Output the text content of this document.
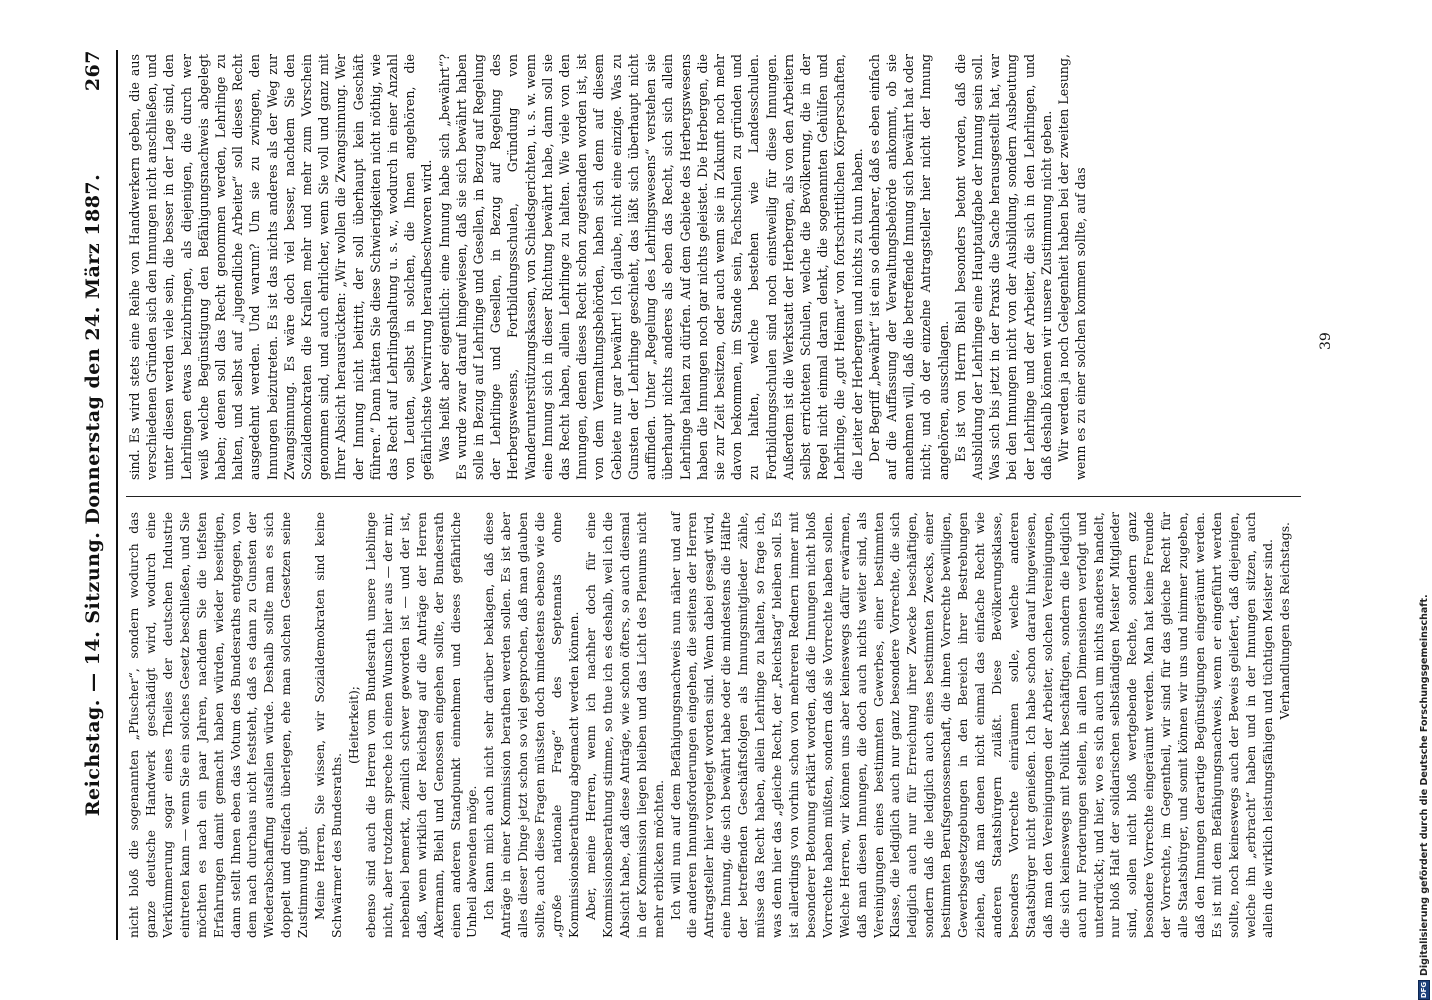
Reichstag. — 14. Sitzung. Donnerstag den 24. März 1887.
267

nicht bloß die sogenannten „Pfuscher“, sondern wodurch das ganze deutsche Handwerk geschädigt wird, wodurch eine Verkümmerung sogar eines Theiles der deutschen Industrie eintreten kann — wenn Sie ein solches Gesetz beschließen, und Sie möchten es nach ein paar Jahren, nachdem Sie die tiefsten Erfahrungen damit gemacht haben würden, wieder beseitigen, dann stellt Ihnen eben das Votum des Bundesraths entgegen, von dem nach durchaus nicht feststeht, daß es dann zu Gunsten der Wiederabschaffung ausfallen würde. Deshalb sollte man es sich doppelt und dreifach überlegen, ehe man solchen Gesetzen seine Zustimmung gibt. Meine Herren, Sie wissen, wir Sozialdemokraten sind keine Schwärmer des Bundesraths.

(Heiterkeit); ebenso sind auch die Herren vom Bundesrath unsere Lieblinge nicht, aber trotzdem spreche ich einen Wunsch hier aus — der mir, nebenbei bemerkt, ziemlich schwer geworden ist — und der ist, daß, wenn wirklich der Reichstag auf die Anträge der Herren Akermann, Biehl und Genossen eingehen sollte, der Bundesrath einen anderen Standpunkt einnehmen und dieses gefährliche Unheil abwenden möge. Ich kann mich auch nicht sehr darüber beklagen, daß diese Anträge in einer Kommission berathen werden sollen. Es ist aber alles dieser Dinge jetzt schon so viel gesprochen, daß man glauben sollte, auch diese Fragen müssten doch mindestens ebenso wie die „große nationale Frage“ des Septennats ohne Kommissionsberathung abgemacht werden können. Aber, meine Herren, wenn ich nachher doch für eine Kommissionsberathung stimme, so thue ich es deshalb, weil ich die Absicht habe, daß diese Anträge, wie schon öfters, so auch diesmal in der Kommission liegen bleiben und das Licht des Plenums nicht mehr erblicken möchten. Ich will nun auf dem Befähigungsnachweis nun näher und auf die anderen Innungsforderungen eingehen, die seitens der Herren Antragsteller hier vorgelegt worden sind. Wenn dabei gesagt wird, eine Innung, die sich bewährt habe oder die mindestens die Hälfte der betreffenden Geschäftsfolgen als Innungsmitglieder zähle, müsse das Recht haben, allein Lehrlinge zu halten, so frage ich, was denn hier das „gleiche Recht, der „Reichstag“ bleiben soll. Es ist allerdings von vorhin schon von mehreren Rednern immer mit besonderer Betonung erklärt worden, daß die Innungen nicht bloß Vorrechte haben müßten, sondern daß sie Vorrechte haben sollen. Welche Herren, wir können uns aber keineswegs dafür erwärmen, daß man diesen Innungen, die doch auch nichts weiter sind, als Vereinigungen eines bestimmten Gewerbes, einer bestimmten Klasse, die lediglich auch nur ganz besondere Vorrechte, die sich lediglich auch nur für Erreichung ihrer Zwecke beschäftigen, sondern daß die lediglich auch eines bestimmten Zwecks, einer bestimmten Berufsgenossenschaft, die ihnen Vorrechte bewilligen, Gewerbsgesetzgebungen in den Bereich ihrer Bestrebungen ziehen, daß man denen nicht einmal das einfache Recht wie anderen Staatsbürgern zuläßt. Diese Bevölkerungsklasse, besonders Vorrechte einräumen solle, welche anderen Staatsbürger nicht genießen. Ich habe schon darauf hingewiesen, daß man den Vereinigungen der Arbeiter, solchen Vereinigungen, die sich keineswegs mit Politik beschäftigen, sondern die lediglich auch nur Forderungen stellen, in allen Dimensionen verfolgt und unterdrückt; und hier, wo es sich auch um nichts anderes handelt, nur bloß Halt der solidarischen selbständigen Meister Mitglieder sind, sollen nicht bloß wertgebende Rechte, sondern ganz besondere Vorrechte eingeräumt werden. Man hat keine Freunde der Vorrechte, im Gegentheil, wir sind für das gleiche Recht für alle Staatsbürger, und somit können wir uns und nimmer zugeben, daß den Innungen derartige Begünstigungen eingeräumt werden. Es ist mit dem Befähigungsnachweis, wenn er eingeführt werden sollte, noch keineswegs auch der Beweis geliefert, daß diejenigen, welche ihn „erbracht“ haben und in der Innungen sitzen, auch allein die wirklich leistungsfähigen und tüchtigen Meister sind. Verhandlungen des Reichstags.

sind. Es wird stets eine Reihe von Handwerkern geben, die aus verschiedenen Gründen sich den Innungen nicht anschließen, und unter diesen werden viele sein, die besser in der Lage sind, den Lehrlingen etwas beizubringen, als diejenigen, die durch wer weiß welche Begünstigung den Befähigungsnachweis abgelegt haben; denen soll das Recht genommen werden, Lehrlinge zu halten, und selbst auf „jugendliche Arbeiter“ soll dieses Recht ausgedehnt werden. Und warum? Um sie zu zwingen, den Innungen beizutreten. Es ist das nichts anderes als der Weg zur Zwangsinnung. Es wäre doch viel besser, nachdem Sie den Sozialdemokraten die Krallen mehr und mehr zum Vorschein genommen sind, und auch ehrlicher, wenn Sie voll und ganz mit Ihrer Absicht herausrückten: „Wir wollen die Zwangsinnung. Wer der Innung nicht beitritt, der soll überhaupt kein Geschäft führen.“ Dann hätten Sie diese Schwierigkeiten nicht nöthig, wie das Recht auf Lehrlingshaltung u. s. w., wodurch in einer Anzahl von Leuten, selbst in solchen, die Ihnen angehören, die gefährlichste Verwirrung heraufbeschworen wird. Was heißt aber eigentlich: eine Innung habe sich „bewährt“? Es wurde zwar darauf hingewiesen, daß sie sich bewährt haben solle in Bezug auf Lehrlinge und Gesellen, in Bezug auf Regelung der Lehrlinge und Gesellen, in Bezug auf Regelung des Herbergswesens, Fortbildungsschulen, Gründung von Wanderunterstützungskassen, von Schiedsgerichten, u. s. w. wenn eine Innung sich in dieser Richtung bewährt habe, dann soll sie das Recht haben, allein Lehrlinge zu halten. Wie viele von den Innungen, denen dieses Recht schon zugestanden worden ist, ist von dem Vermaltungsbehörden, haben sich denn auf diesem Gebiete nur gar bewährt! Ich glaube, nicht eine einzige. Was zu Gunsten der Lehrlinge geschieht, das läßt sich überhaupt nicht auffinden. Unter „Regelung des Lehrlingswesens“ verstehen sie überhaupt nichts anderes als eben das Recht, sich sich allein Lehrlinge halten zu dürfen. Auf dem Gebiete des Herbergswesens haben die Innungen noch gar nichts geleistet. Die Herbergen, die sie zur Zeit besitzen, oder auch wenn sie in Zukunft noch mehr davon bekommen, im Stande sein, Fachschulen zu gründen und zu halten, welche bestehen wie Landesschulen. Fortbildungsschulen sind noch einstweilig für diese Innungen. Außerdem ist die Werkstatt der Herbergen, als von den Arbeitern selbst errichteten Schulen, welche die Bevölkerung, die in der Regel nicht einmal daran denkt, die sogenannten Gehülfen und Lehrlinge, die „gut Heimat“ von fortschrittlichen Körperschaften, die Leiter der Herbergen und nichts zu thun haben. Der Begriff „bewährt“ ist ein so dehnbarer, daß es eben einfach auf die Auffassung der Verwaltungsbehörde ankommt, ob sie annehmen will, daß die betreffende Innung sich bewährt hat oder nicht; und ob der einzelne Antragsteller hier nicht der Innung angehören, ausschlagen. Es ist von Herrn Biehl besonders betont worden, daß die Ausbildung der Lehrlinge eine Hauptaufgabe der Innung sein soll. Was sich bis jetzt in der Praxis die Sache herausgestellt hat, war bei den Innungen nicht von der Ausbildung, sondern Ausbeutung der Lehrlinge und der Arbeiter, die sich in den Lehrlingen, und daß deshalb können wir unsere Zustimmung nicht geben. Wir werden ja noch Gelegenheit haben bei der zweiten Lesung, wenn es zu einer solchen kommen sollte, auf das	39
DFG
Digitalisierung gefördert durch die Deutsche Forschungsgemeinschaft.
